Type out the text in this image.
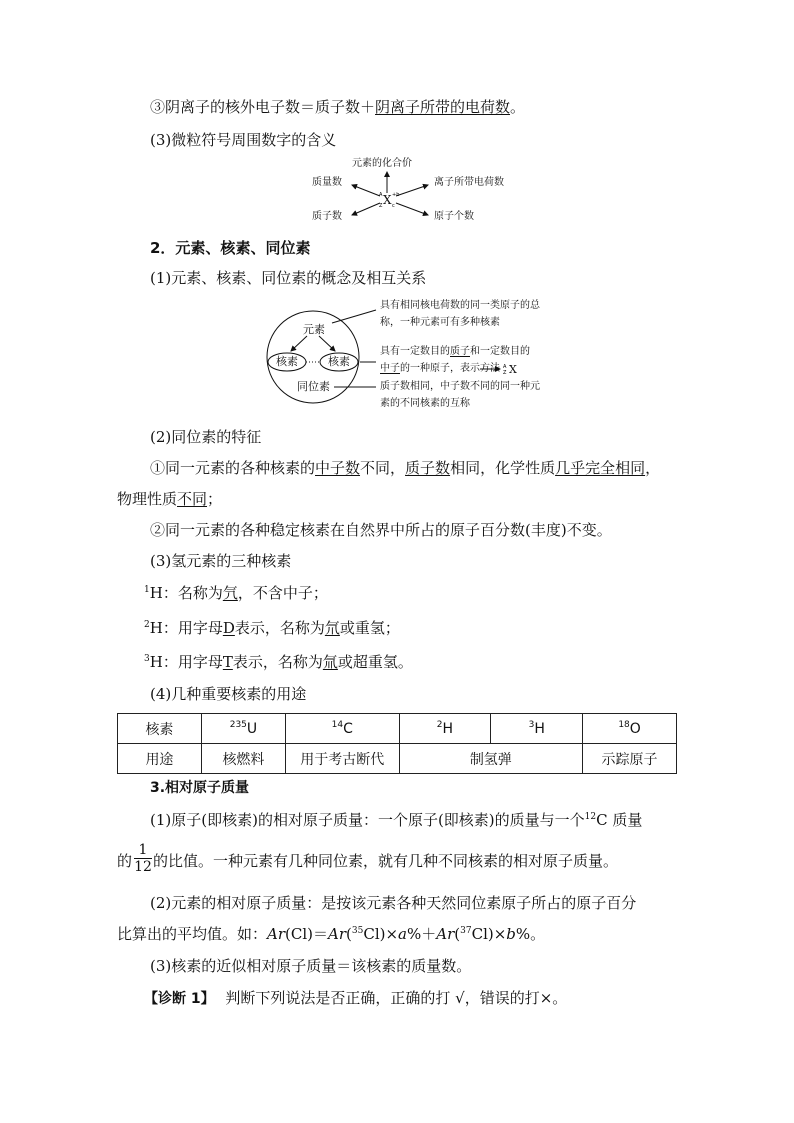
③阴离子的核外电子数＝质子数＋阴离子所带的电荷数。
(3)微粒符号周围数字的含义
元素的化合价
质量数
质子数
离子所带电荷数
原子个数
X
A
Z
+b
c
2．元素、核素、同位素
(1)元素、核素、同位素的概念及相互关系
A
Z
元素
核素	核素
同位素
具有相同核电荷数的同一类原子的总
称，一种元素可有多种核素
具有一定数目的质子和一定数目的
中子的一种原子，表示方法 X
质子数相同，中子数不同的同一种元
素的不同核素的互称
(2)同位素的特征
①同一元素的各种核素的中子数不同，质子数相同，化学性质几乎完全相同，
物理性质不同；
②同一元素的各种稳定核素在自然界中所占的原子百分数(丰度)不变。
(3)氢元素的三种核素
$^1$H：名称为氕，不含中子；
$^2$H：用字母D表示，名称为氘或重氢；
$^3$H：用字母T表示，名称为氚或超重氢。
(4)几种重要核素的用途
核素	$^{235}$U	$^{14}$C	$^2$H	$^3$H	$^{18}$O
用途	核燃料	用于考古断代	制氢弹		示踪原子
3.相对原子质量
(1)原子(即核素)的相对原子质量：一个原子(即核素)的质量与一个$^{12}$C 质量
的 $\frac{1}{12}$ 的比值。一种元素有几种同位素，就有几种不同核素的相对原子质量。
(2)元素的相对原子质量：是按该元素各种天然同位素原子所占的原子百分
比算出的平均值。如：Ar(Cl)＝Ar($^{35}$Cl)×a%＋Ar($^{37}$Cl)×b%。
(3)核素的近似相对原子质量＝该核素的质量数。
【诊断 1】 判断下列说法是否正确，正确的打 √，错误的打×。
